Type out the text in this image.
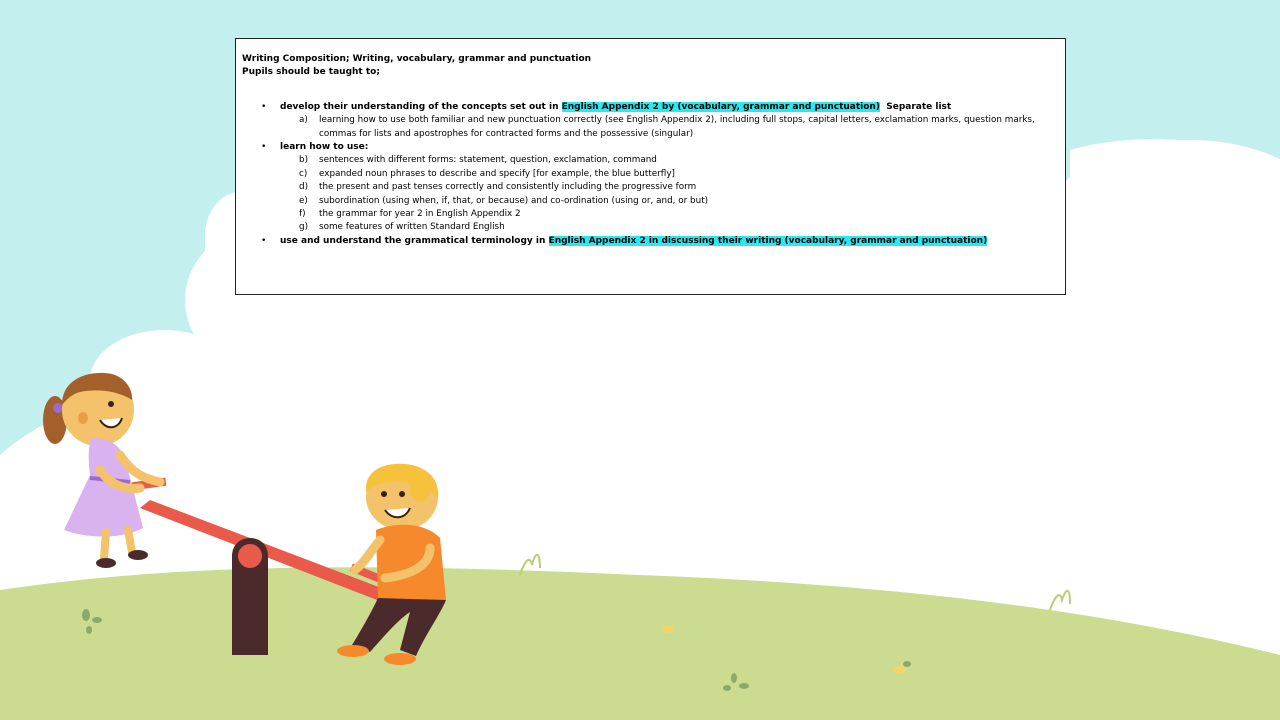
Writing Composition; Writing, vocabulary, grammar and punctuation
Pupils should be taught to;
• develop their understanding of the concepts set out in English Appendix 2 by (vocabulary, grammar and punctuation)  Separate list
a) learning how to use both familiar and new punctuation correctly (see English Appendix 2), including full stops, capital letters, exclamation marks, question marks,
commas for lists and apostrophes for contracted forms and the possessive (singular)
• learn how to use:
b) sentences with different forms: statement, question, exclamation, command
c) expanded noun phrases to describe and specify [for example, the blue butterfly]
d) the present and past tenses correctly and consistently including the progressive form
e) subordination (using when, if, that, or because) and co-ordination (using or, and, or but)
f) the grammar for year 2 in English Appendix 2
g) some features of written Standard English
• use and understand the grammatical terminology in English Appendix 2 in discussing their writing (vocabulary, grammar and punctuation)
